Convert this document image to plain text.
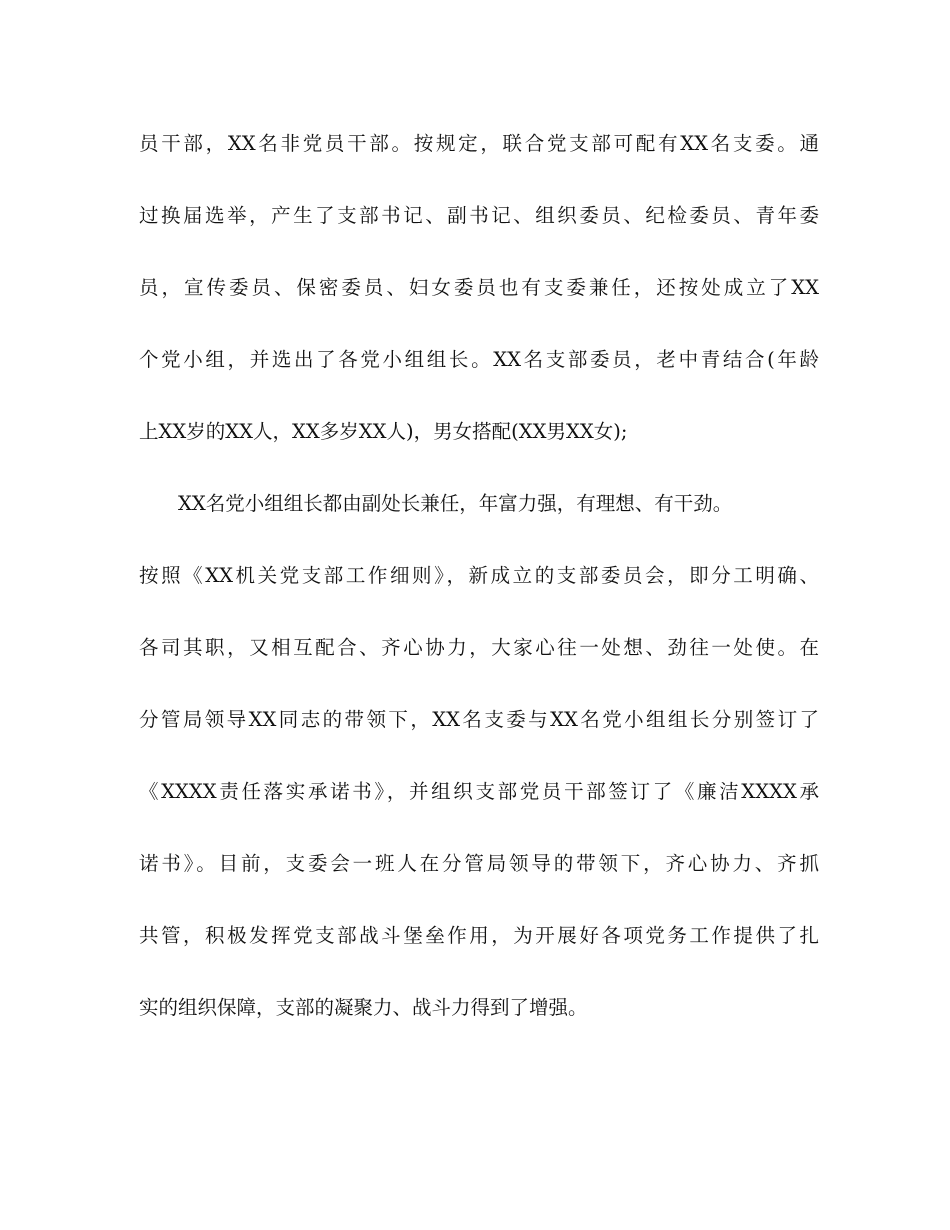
员干部，XX名非党员干部。按规定，联合党支部可配有XX名支委。通
过换届选举，产生了支部书记、副书记、组织委员、纪检委员、青年委
员，宣传委员、保密委员、妇女委员也有支委兼任，还按处成立了XX
个党小组，并选出了各党小组组长。XX名支部委员，老中青结合(年龄
上XX岁的XX人，XX多岁XX人)，男女搭配(XX男XX女);
XX名党小组组长都由副处长兼任，年富力强，有理想、有干劲。
按照《XX机关党支部工作细则》，新成立的支部委员会，即分工明确、
各司其职，又相互配合、齐心协力，大家心往一处想、劲往一处使。在
分管局领导XX同志的带领下，XX名支委与XX名党小组组长分别签订了
《XXXX责任落实承诺书》，并组织支部党员干部签订了《廉洁XXXX承
诺书》。目前，支委会一班人在分管局领导的带领下，齐心协力、齐抓
共管，积极发挥党支部战斗堡垒作用，为开展好各项党务工作提供了扎
实的组织保障，支部的凝聚力、战斗力得到了增强。
